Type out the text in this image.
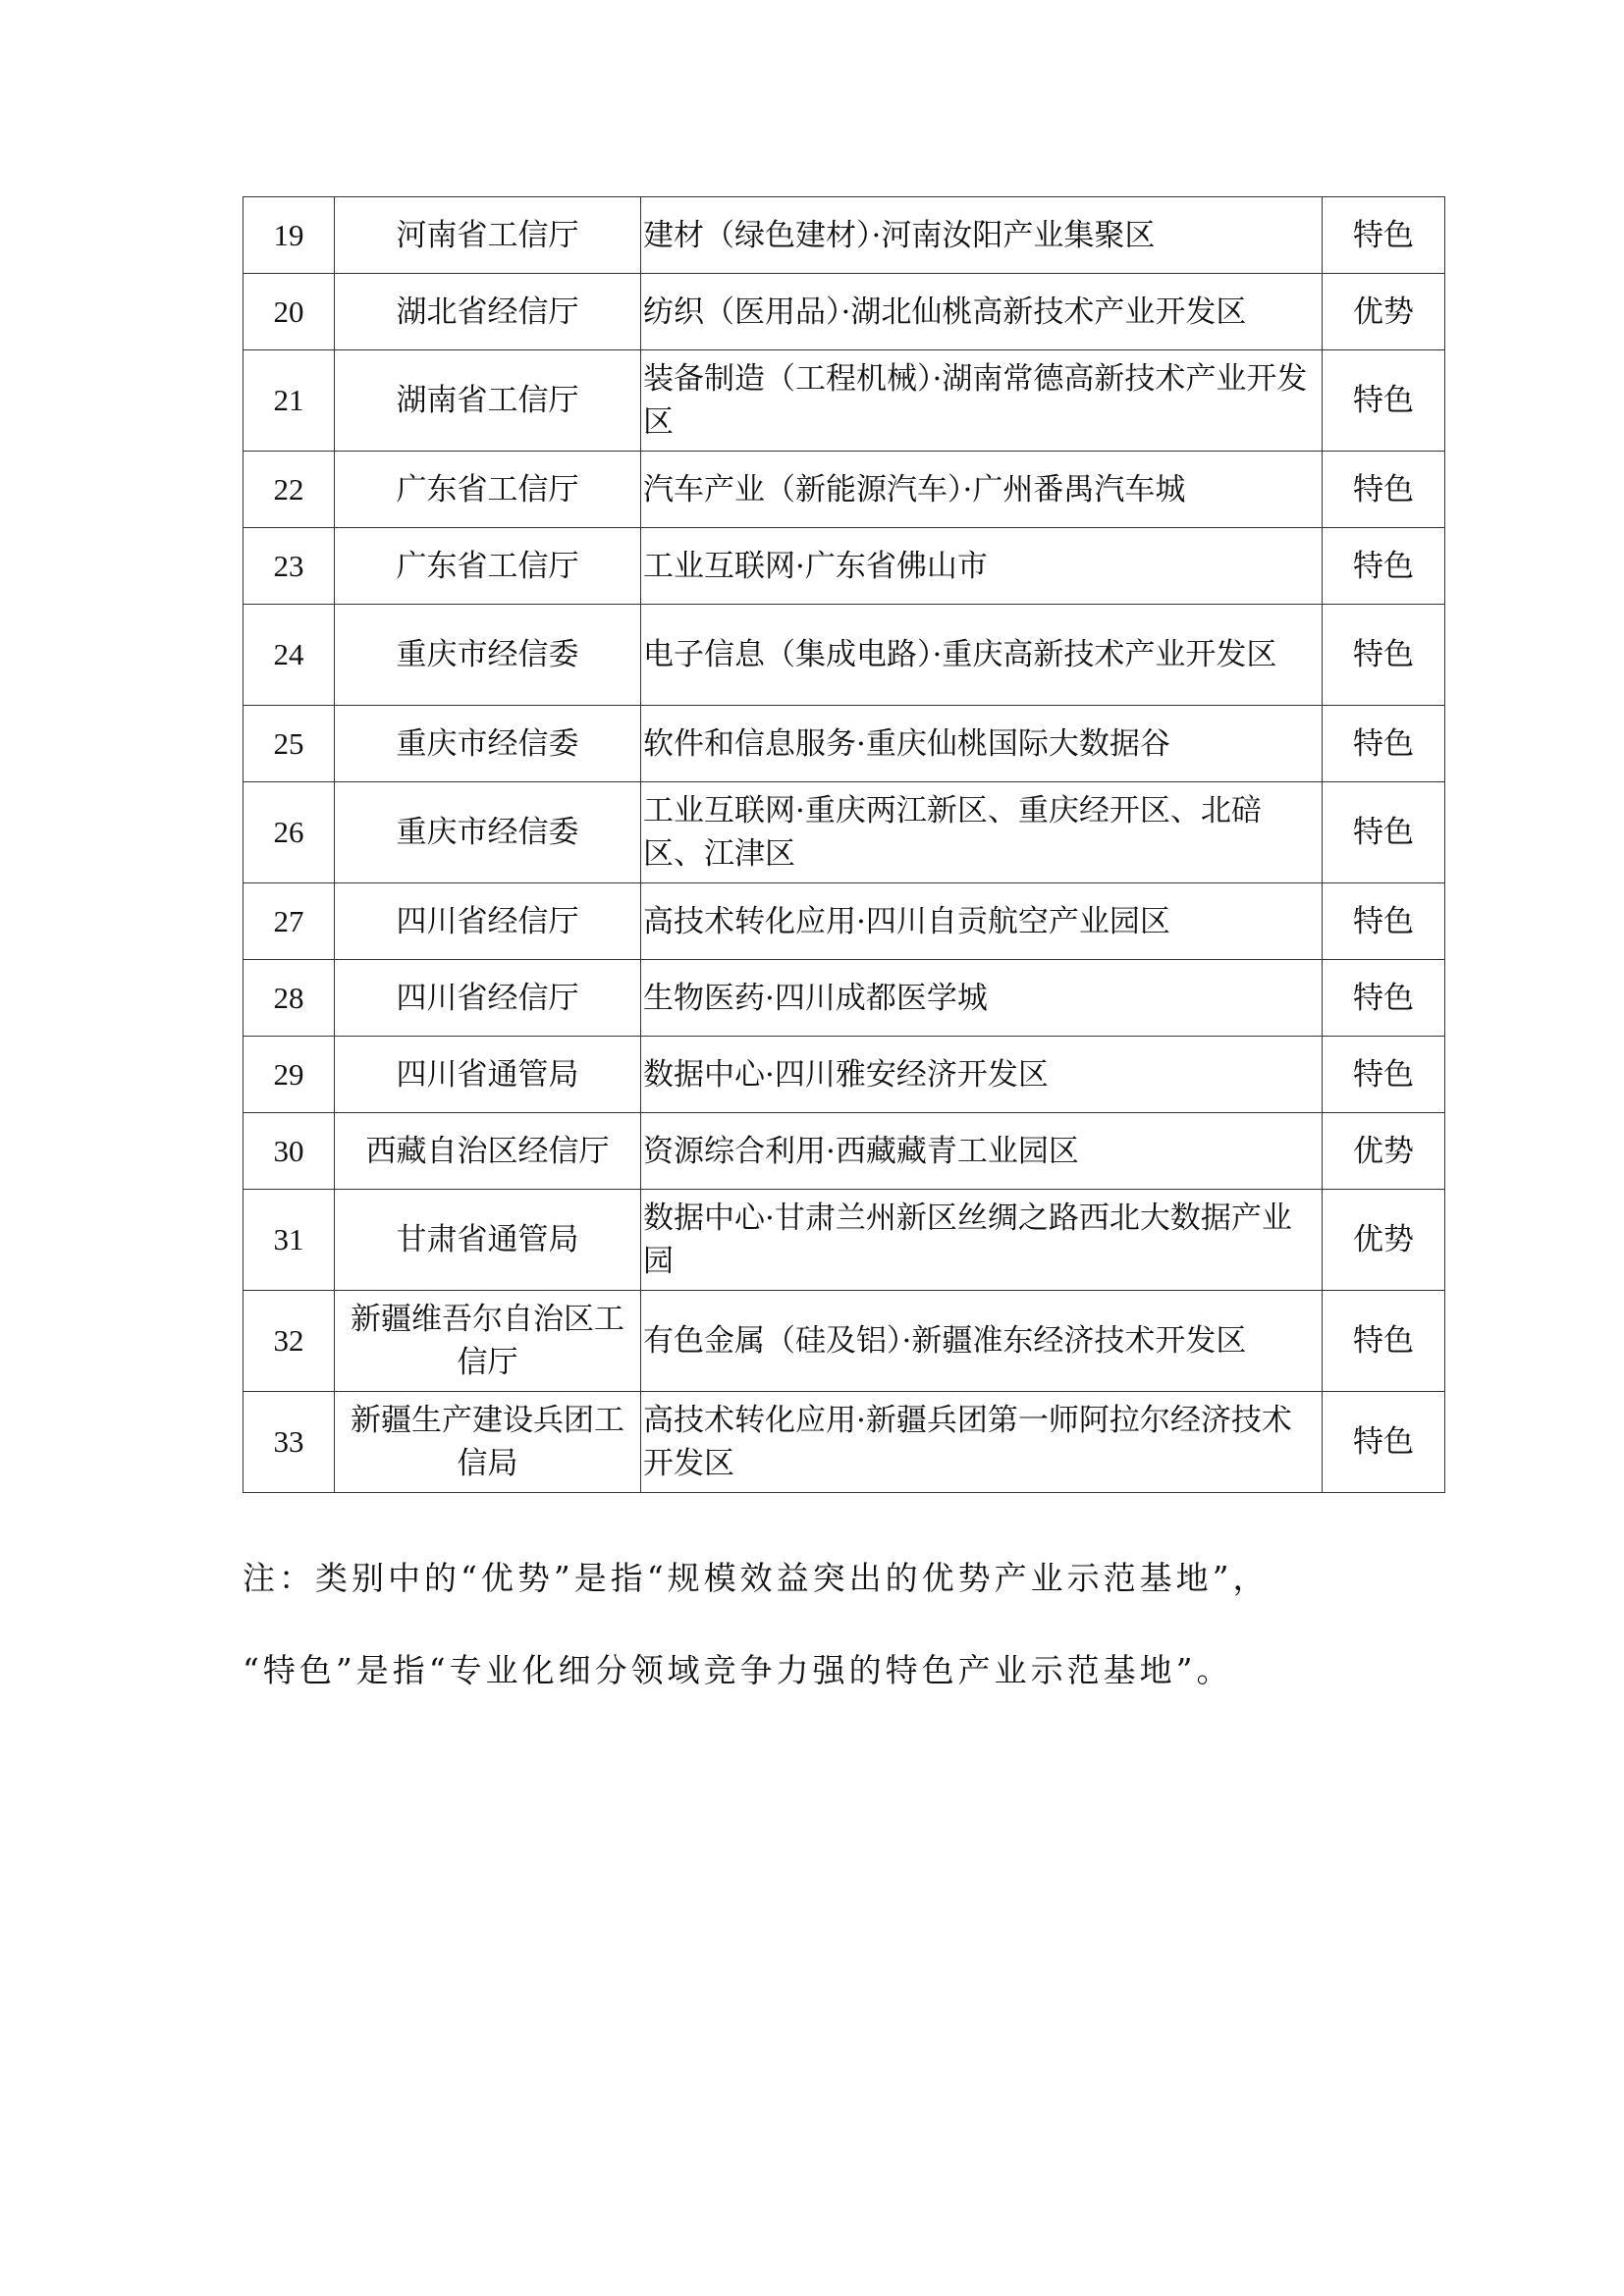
19	河南省工信厅	建材（绿色建材）·河南汝阳产业集聚区	特色
20	湖北省经信厅	纺织（医用品）·湖北仙桃高新技术产业开发区	优势
21	湖南省工信厅	装备制造（工程机械）·湖南常德高新技术产业开发区	特色
22	广东省工信厅	汽车产业（新能源汽车）·广州番禺汽车城	特色
23	广东省工信厅	工业互联网·广东省佛山市	特色
24	重庆市经信委	电子信息（集成电路）·重庆高新技术产业开发区	特色
25	重庆市经信委	软件和信息服务·重庆仙桃国际大数据谷	特色
26	重庆市经信委	工业互联网·重庆两江新区、重庆经开区、北碚区、江津区	特色
27	四川省经信厅	高技术转化应用·四川自贡航空产业园区	特色
28	四川省经信厅	生物医药·四川成都医学城	特色
29	四川省通管局	数据中心·四川雅安经济开发区	特色
30	西藏自治区经信厅	资源综合利用·西藏藏青工业园区	优势
31	甘肃省通管局	数据中心·甘肃兰州新区丝绸之路西北大数据产业园	优势
32	新疆维吾尔自治区工信厅	有色金属（硅及铝）·新疆准东经济技术开发区	特色
33	新疆生产建设兵团工信局	高技术转化应用·新疆兵团第一师阿拉尔经济技术开发区	特色
注：类别中的“优势”是指“规模效益突出的优势产业示范基地”，
“特色”是指“专业化细分领域竞争力强的特色产业示范基地”。
